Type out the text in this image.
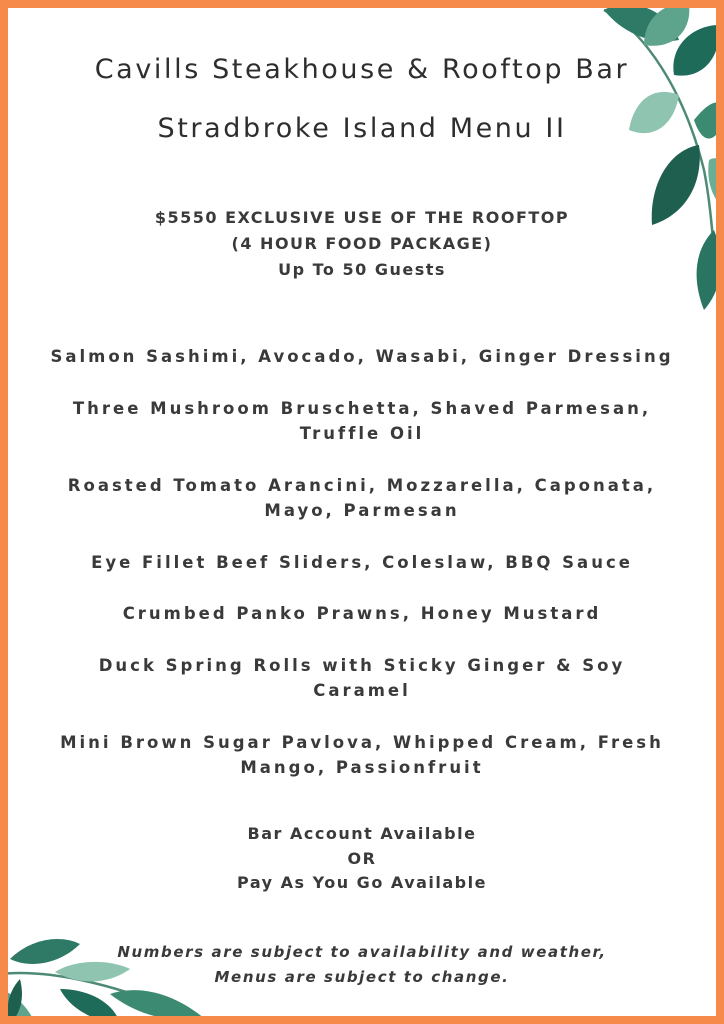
Cavills Steakhouse & Rooftop Bar
Stradbroke Island Menu II
$5550 EXCLUSIVE USE OF THE ROOFTOP
(4 HOUR FOOD PACKAGE)
Up To 50 Guests

Salmon Sashimi, Avocado, Wasabi, Ginger Dressing

Three Mushroom Bruschetta, Shaved Parmesan, Truffle Oil

Roasted Tomato Arancini, Mozzarella, Caponata, Mayo, Parmesan

Eye Fillet Beef Sliders, Coleslaw, BBQ Sauce

Crumbed Panko Prawns, Honey Mustard

Duck Spring Rolls with Sticky Ginger & Soy Caramel

Mini Brown Sugar Pavlova, Whipped Cream, Fresh Mango, Passionfruit

Bar Account Available
OR
Pay As You Go Available
Numbers are subject to availability and weather,
Menus are subject to change.
